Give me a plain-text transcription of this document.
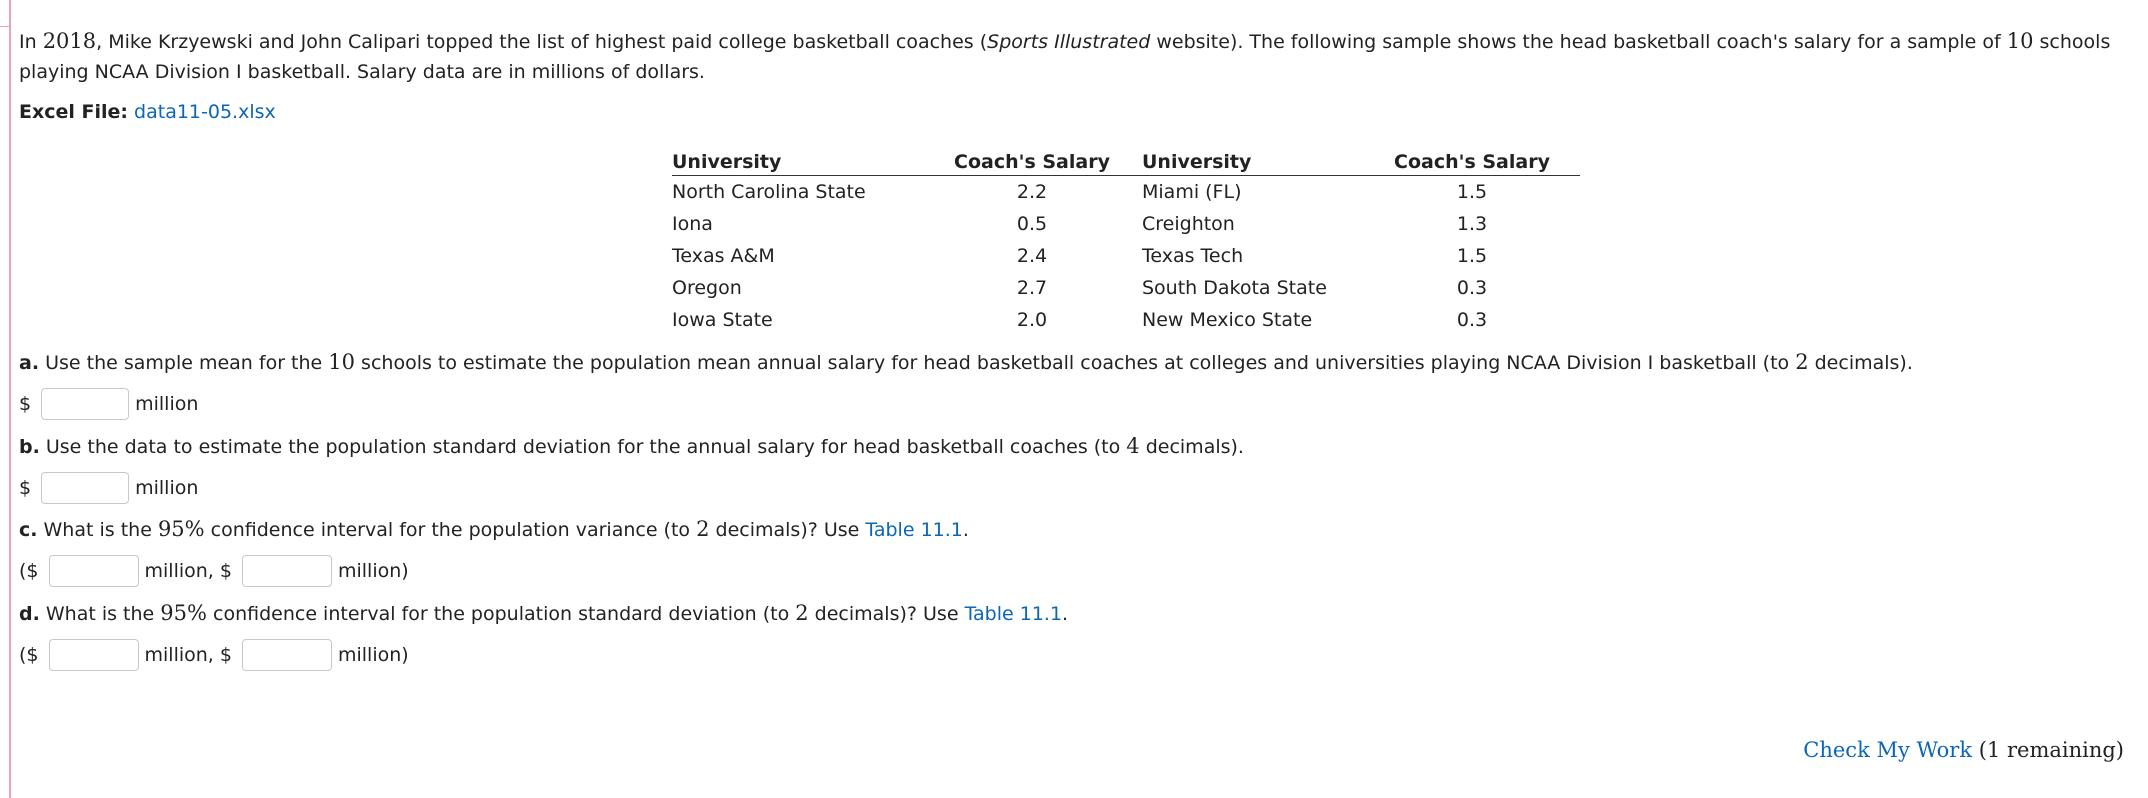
In 2018, Mike Krzyewski and John Calipari topped the list of highest paid college basketball coaches (Sports Illustrated website). The following sample shows the head basketball coach's salary for a sample of 10 schools playing NCAA Division I basketball. Salary data are in millions of dollars.
Excel File: data11-05.xlsx
University	Coach's Salary	University	Coach's Salary
North Carolina State	2.2	Miami (FL)	1.5
Iona	0.5	Creighton	1.3
Texas A&M	2.4	Texas Tech	1.5
Oregon	2.7	South Dakota State	0.3
Iowa State	2.0	New Mexico State	0.3
a. Use the sample mean for the 10 schools to estimate the population mean annual salary for head basketball coaches at colleges and universities playing NCAA Division I basketball (to 2 decimals).
$	million
b. Use the data to estimate the population standard deviation for the annual salary for head basketball coaches (to 4 decimals).
$	million
c. What is the 95% confidence interval for the population variance (to 2 decimals)? Use Table 11.1.
($	million, $	million)
d. What is the 95% confidence interval for the population standard deviation (to 2 decimals)? Use Table 11.1.
($	million, $	million)
Check My Work (1 remaining)
